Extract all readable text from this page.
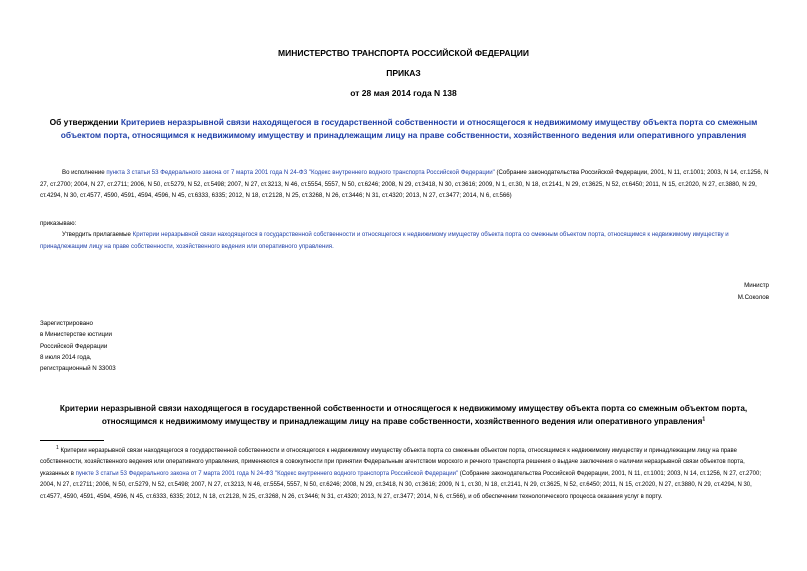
МИНИСТЕРСТВО ТРАНСПОРТА РОССИЙСКОЙ ФЕДЕРАЦИИ
ПРИКАЗ
от 28 мая 2014 года N 138
Об утверждении Критериев неразрывной связи находящегося в государственной собственности и относящегося к недвижимому имуществу объекта порта со смежным объектом порта, относящимся к недвижимому имуществу и принадлежащим лицу на праве собственности, хозяйственного ведения или оперативного управления
Во исполнение пункта 3 статьи 53 Федерального закона от 7 марта 2001 года N 24-ФЗ "Кодекс внутреннего водного транспорта Российской Федерации" (Собрание законодательства Российской Федерации, 2001, N 11, ст.1001; 2003, N 14, ст.1256, N 27, ст.2700; 2004, N 27, ст.2711; 2006, N 50, ст.5279, N 52, ст.5498; 2007, N 27, ст.3213, N 46, ст.5554, 5557, N 50, ст.6246; 2008, N 29, ст.3418, N 30, ст.3616; 2009, N 1, ст.30, N 18, ст.2141, N 29, ст.3625, N 52, ст.6450; 2011, N 15, ст.2020, N 27, ст.3880, N 29, ст.4294, N 30, ст.4577, 4590, 4591, 4594, 4596, N 45, ст.6333, 6335; 2012, N 18, ст.2128, N 25, ст.3268, N 26, ст.3446; N 31, ст.4320; 2013, N 27, ст.3477; 2014, N 6, ст.566)
приказываю:
Утвердить прилагаемые Критерии неразрывной связи находящегося в государственной собственности и относящегося к недвижимому имуществу объекта порта со смежным объектом порта, относящимся к недвижимому имуществу и принадлежащим лицу на праве собственности, хозяйственного ведения или оперативного управления.
Министр
М.Соколов
Зарегистрировано
в Министерстве юстиции
Российской Федерации
8 июля 2014 года,
регистрационный N 33003
Критерии неразрывной связи находящегося в государственной собственности и относящегося к недвижимому имуществу объекта порта со смежным объектом порта, относящимся к недвижимому имуществу и принадлежащим лицу на праве собственности, хозяйственного ведения или оперативного управления$^1$
$^1$ Критерии неразрывной связи находящегося в государственной собственности и относящегося к недвижимому имуществу объекта порта со смежным объектом порта, относящимся к недвижимому имуществу и принадлежащим лицу на праве собственности, хозяйственного ведения или оперативного управления, применяются в совокупности при принятии Федеральным агентством морского и речного транспорта решения о выдаче заключения о наличии неразрывной связи объектов порта, указанных в пункте 3 статьи 53 Федерального закона от 7 марта 2001 года N 24-ФЗ "Кодекс внутреннего водного транспорта Российской Федерации" (Собрание законодательства Российской Федерации, 2001, N 11, ст.1001; 2003, N 14, ст.1256, N 27, ст.2700; 2004, N 27, ст.2711; 2006, N 50, ст.5279, N 52, ст.5498; 2007, N 27, ст.3213, N 46, ст.5554, 5557, N 50, ст.6246; 2008, N 29, ст.3418, N 30, ст.3616; 2009, N 1, ст.30, N 18, ст.2141, N 29, ст.3625, N 52, ст.6450; 2011, N 15, ст.2020, N 27, ст.3880, N 29, ст.4294, N 30, ст.4577, 4590, 4591, 4594, 4596, N 45, ст.6333, 6335; 2012, N 18, ст.2128, N 25, ст.3268, N 26, ст.3446; N 31, ст.4320; 2013, N 27, ст.3477; 2014, N 6, ст.566), и об обеспечении технологического процесса оказания услуг в порту.
